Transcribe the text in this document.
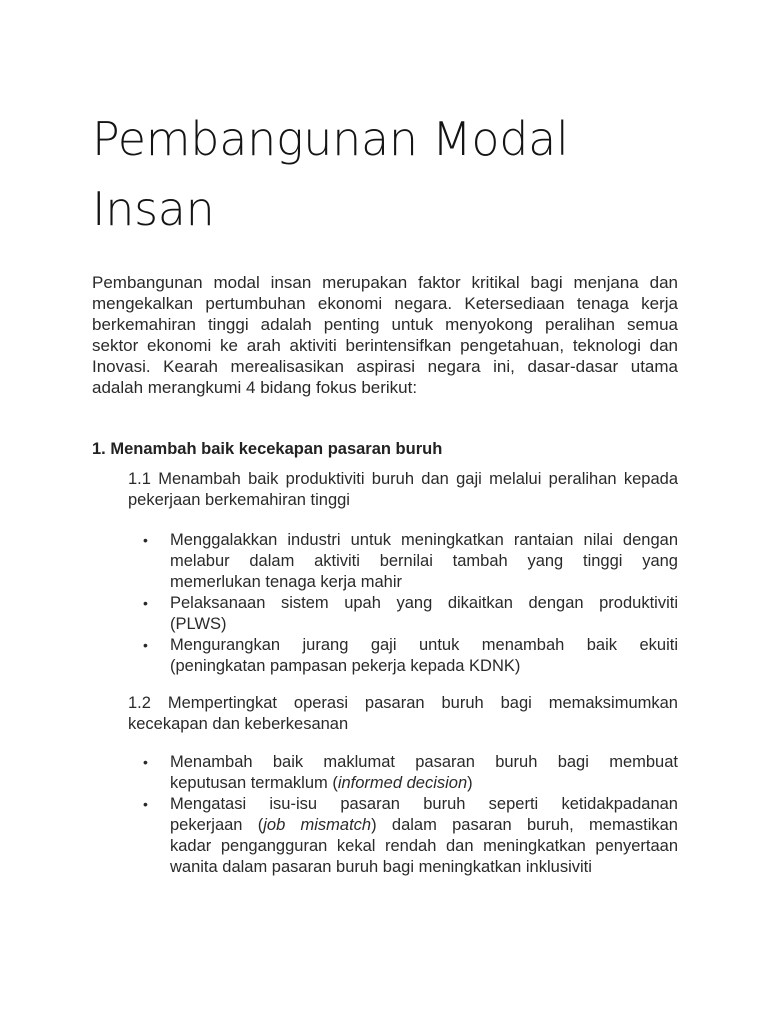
Pembangunan Modal
Insan

Pembangunan modal insan merupakan faktor kritikal bagi menjana dan
mengekalkan pertumbuhan ekonomi negara. Ketersediaan tenaga kerja
berkemahiran tinggi adalah penting untuk menyokong peralihan semua
sektor ekonomi ke arah aktiviti berintensifkan pengetahuan, teknologi dan
Inovasi. Kearah merealisasikan aspirasi negara ini, dasar-dasar utama
adalah merangkumi 4 bidang fokus berikut:

1. Menambah baik kecekapan pasaran buruh

1.1 Menambah baik produktiviti buruh dan gaji melalui peralihan kepada
pekerjaan berkemahiran tinggi

• Menggalakkan industri untuk meningkatkan rantaian nilai dengan
melabur dalam aktiviti bernilai tambah yang tinggi yang
memerlukan tenaga kerja mahir
• Pelaksanaan sistem upah yang dikaitkan dengan produktiviti
(PLWS)
• Mengurangkan jurang gaji untuk menambah baik ekuiti
(peningkatan pampasan pekerja kepada KDNK)

1.2 Mempertingkat operasi pasaran buruh bagi memaksimumkan
kecekapan dan keberkesanan

• Menambah baik maklumat pasaran buruh bagi membuat
keputusan termaklum (informed decision)
• Mengatasi isu-isu pasaran buruh seperti ketidakpadanan
pekerjaan (job mismatch) dalam pasaran buruh, memastikan
kadar pengangguran kekal rendah dan meningkatkan penyertaan
wanita dalam pasaran buruh bagi meningkatkan inklusiviti
